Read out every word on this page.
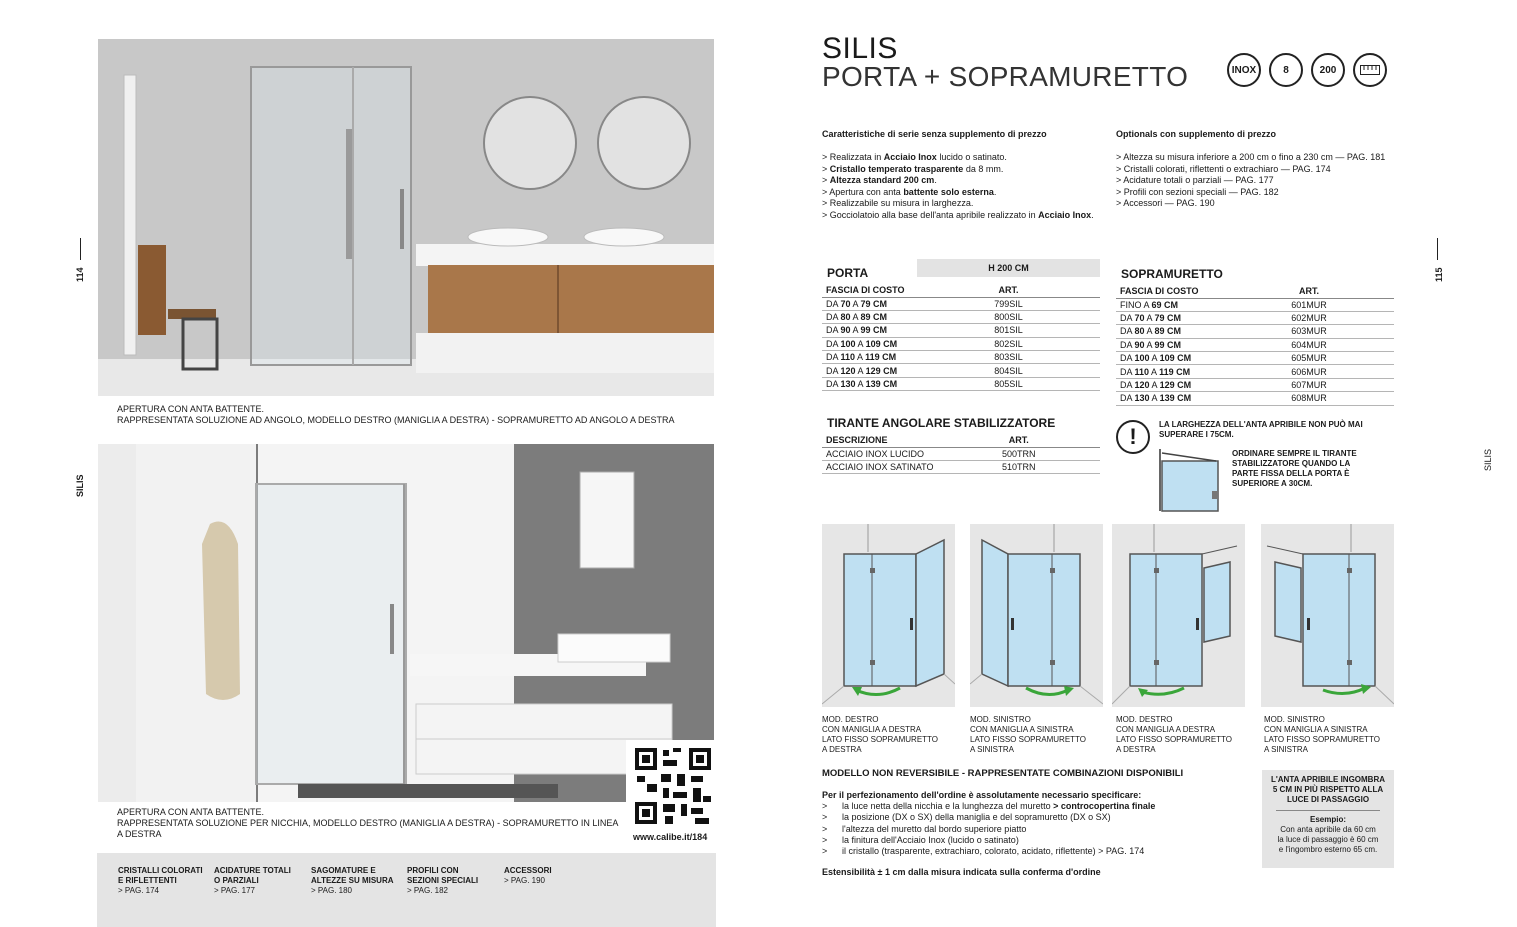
114
SILIS
APERTURA CON ANTA BATTENTE.
RAPPRESENTATA SOLUZIONE AD ANGOLO, MODELLO DESTRO (MANIGLIA A DESTRA) - SOPRAMURETTO AD ANGOLO A DESTRA
APERTURA CON ANTA BATTENTE.
RAPPRESENTATA SOLUZIONE PER NICCHIA, MODELLO DESTRO (MANIGLIA A DESTRA) - SOPRAMURETTO IN LINEA
A DESTRA	www.calibe.it/184
CRISTALLI COLORATI
E RIFLETTENTI
> PAG. 174
ACIDATURE TOTALI
O PARZIALI
> PAG. 177
SAGOMATURE E
ALTEZZE SU MISURA
> PAG. 180
PROFILI CON
SEZIONI SPECIALI
> PAG. 182
ACCESSORI
> PAG. 190
SILIS
PORTA + SOPRAMURETTO	INOX	8	200
Caratteristiche di serie senza supplemento di prezzo
> Realizzata in Acciaio Inox lucido o satinato.
> Cristallo temperato trasparente da 8 mm.
> Altezza standard 200 cm.
> Apertura con anta battente solo esterna.
> Realizzabile su misura in larghezza.
> Gocciolatoio alla base dell'anta apribile realizzato in Acciaio Inox.
Optionals con supplemento di prezzo
> Altezza su misura inferiore a 200 cm o fino a 230 cm — PAG. 181
> Cristalli colorati, riflettenti o extrachiaro — PAG. 174
> Acidature totali o parziali — PAG. 177
> Profili con sezioni speciali — PAG. 182
> Accessori — PAG. 190
PORTA	H 200 CM
FASCIA DI COSTO	ART.
DA 70 A 79 CM	799SIL
DA 80 A 89 CM	800SIL
DA 90 A 99 CM	801SIL
DA 100 A 109 CM	802SIL
DA 110 A 119 CM	803SIL
DA 120 A 129 CM	804SIL
DA 130 A 139 CM	805SIL
SOPRAMURETTO
FASCIA DI COSTO	ART.
FINO A 69 CM	601MUR
DA 70 A 79 CM	602MUR
DA 80 A 89 CM	603MUR
DA 90 A 99 CM	604MUR
DA 100 A 109 CM	605MUR
DA 110 A 119 CM	606MUR
DA 120 A 129 CM	607MUR
DA 130 A 139 CM	608MUR
TIRANTE ANGOLARE STABILIZZATORE
DESCRIZIONE	ART.
ACCIAIO INOX LUCIDO	500TRN
ACCIAIO INOX SATINATO	510TRN
!	LA LARGHEZZA DELL'ANTA APRIBILE NON PUÒ MAI
SUPERARE I 75CM.
ORDINARE SEMPRE IL TIRANTE
STABILIZZATORE QUANDO LA
PARTE FISSA DELLA PORTA È
SUPERIORE A 30CM.
MOD. DESTRO
CON MANIGLIA A DESTRA
LATO FISSO SOPRAMURETTO
A DESTRA
MOD. SINISTRO
CON MANIGLIA A SINISTRA
LATO FISSO SOPRAMURETTO
A SINISTRA
MOD. DESTRO
CON MANIGLIA A DESTRA
LATO FISSO SOPRAMURETTO
A DESTRA
MOD. SINISTRO
CON MANIGLIA A SINISTRA
LATO FISSO SOPRAMURETTO
A SINISTRA
MODELLO NON REVERSIBILE - RAPPRESENTATE COMBINAZIONI DISPONIBILI
Per il perfezionamento dell'ordine è assolutamente necessario specificare:
>	la luce netta della nicchia e la lunghezza del muretto > controcopertina finale
>	la posizione (DX o SX) della maniglia e del sopramuretto (DX o SX)
>	l'altezza del muretto dal bordo superiore piatto
>	la finitura dell'Acciaio Inox (lucido o satinato)
>	il cristallo (trasparente, extrachiaro, colorato, acidato, riflettente) > PAG. 174
Estensibilità ± 1 cm dalla misura indicata sulla conferma d'ordine
L'ANTA APRIBILE INGOMBRA
5 CM IN PIÙ RISPETTO ALLA
LUCE DI PASSAGGIO
Esempio:
Con anta apribile da 60 cm
la luce di passaggio è 60 cm
e l'ingombro esterno 65 cm.
115
SILIS
